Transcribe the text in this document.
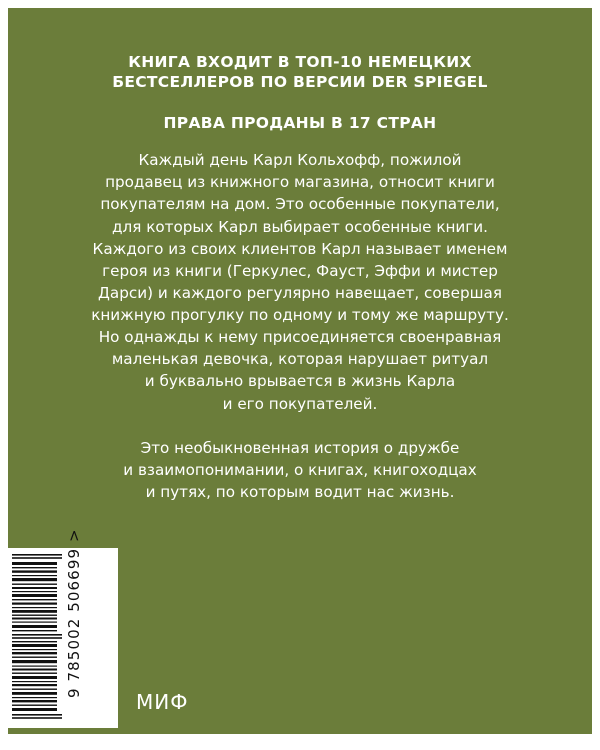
КНИГА ВХОДИТ В ТОП-10 НЕМЕЦКИХ
БЕСТСЕЛЛЕРОВ ПО ВЕРСИИ DER SPIEGEL
ПРАВА ПРОДАНЫ В 17 СТРАН
Каждый день Карл Кольхофф, пожилой
продавец из книжного магазина, относит книги
покупателям на дом. Это особенные покупатели,
для которых Карл выбирает особенные книги.
Каждого из своих клиентов Карл называет именем
героя из книги (Геркулес, Фауст, Эффи и мистер
Дарси) и каждого регулярно навещает, совершая
книжную прогулку по одному и тому же маршруту.
Но однажды к нему присоединяется своенравная
маленькая девочка, которая нарушает ритуал
и буквально врывается в жизнь Карла
и его покупателей.
Это необыкновенная история о дружбе
и взаимопонимании, о книгах, книгоходцах
и путях, по которым водит нас жизнь.
9 785002 506699 >
МИФ
